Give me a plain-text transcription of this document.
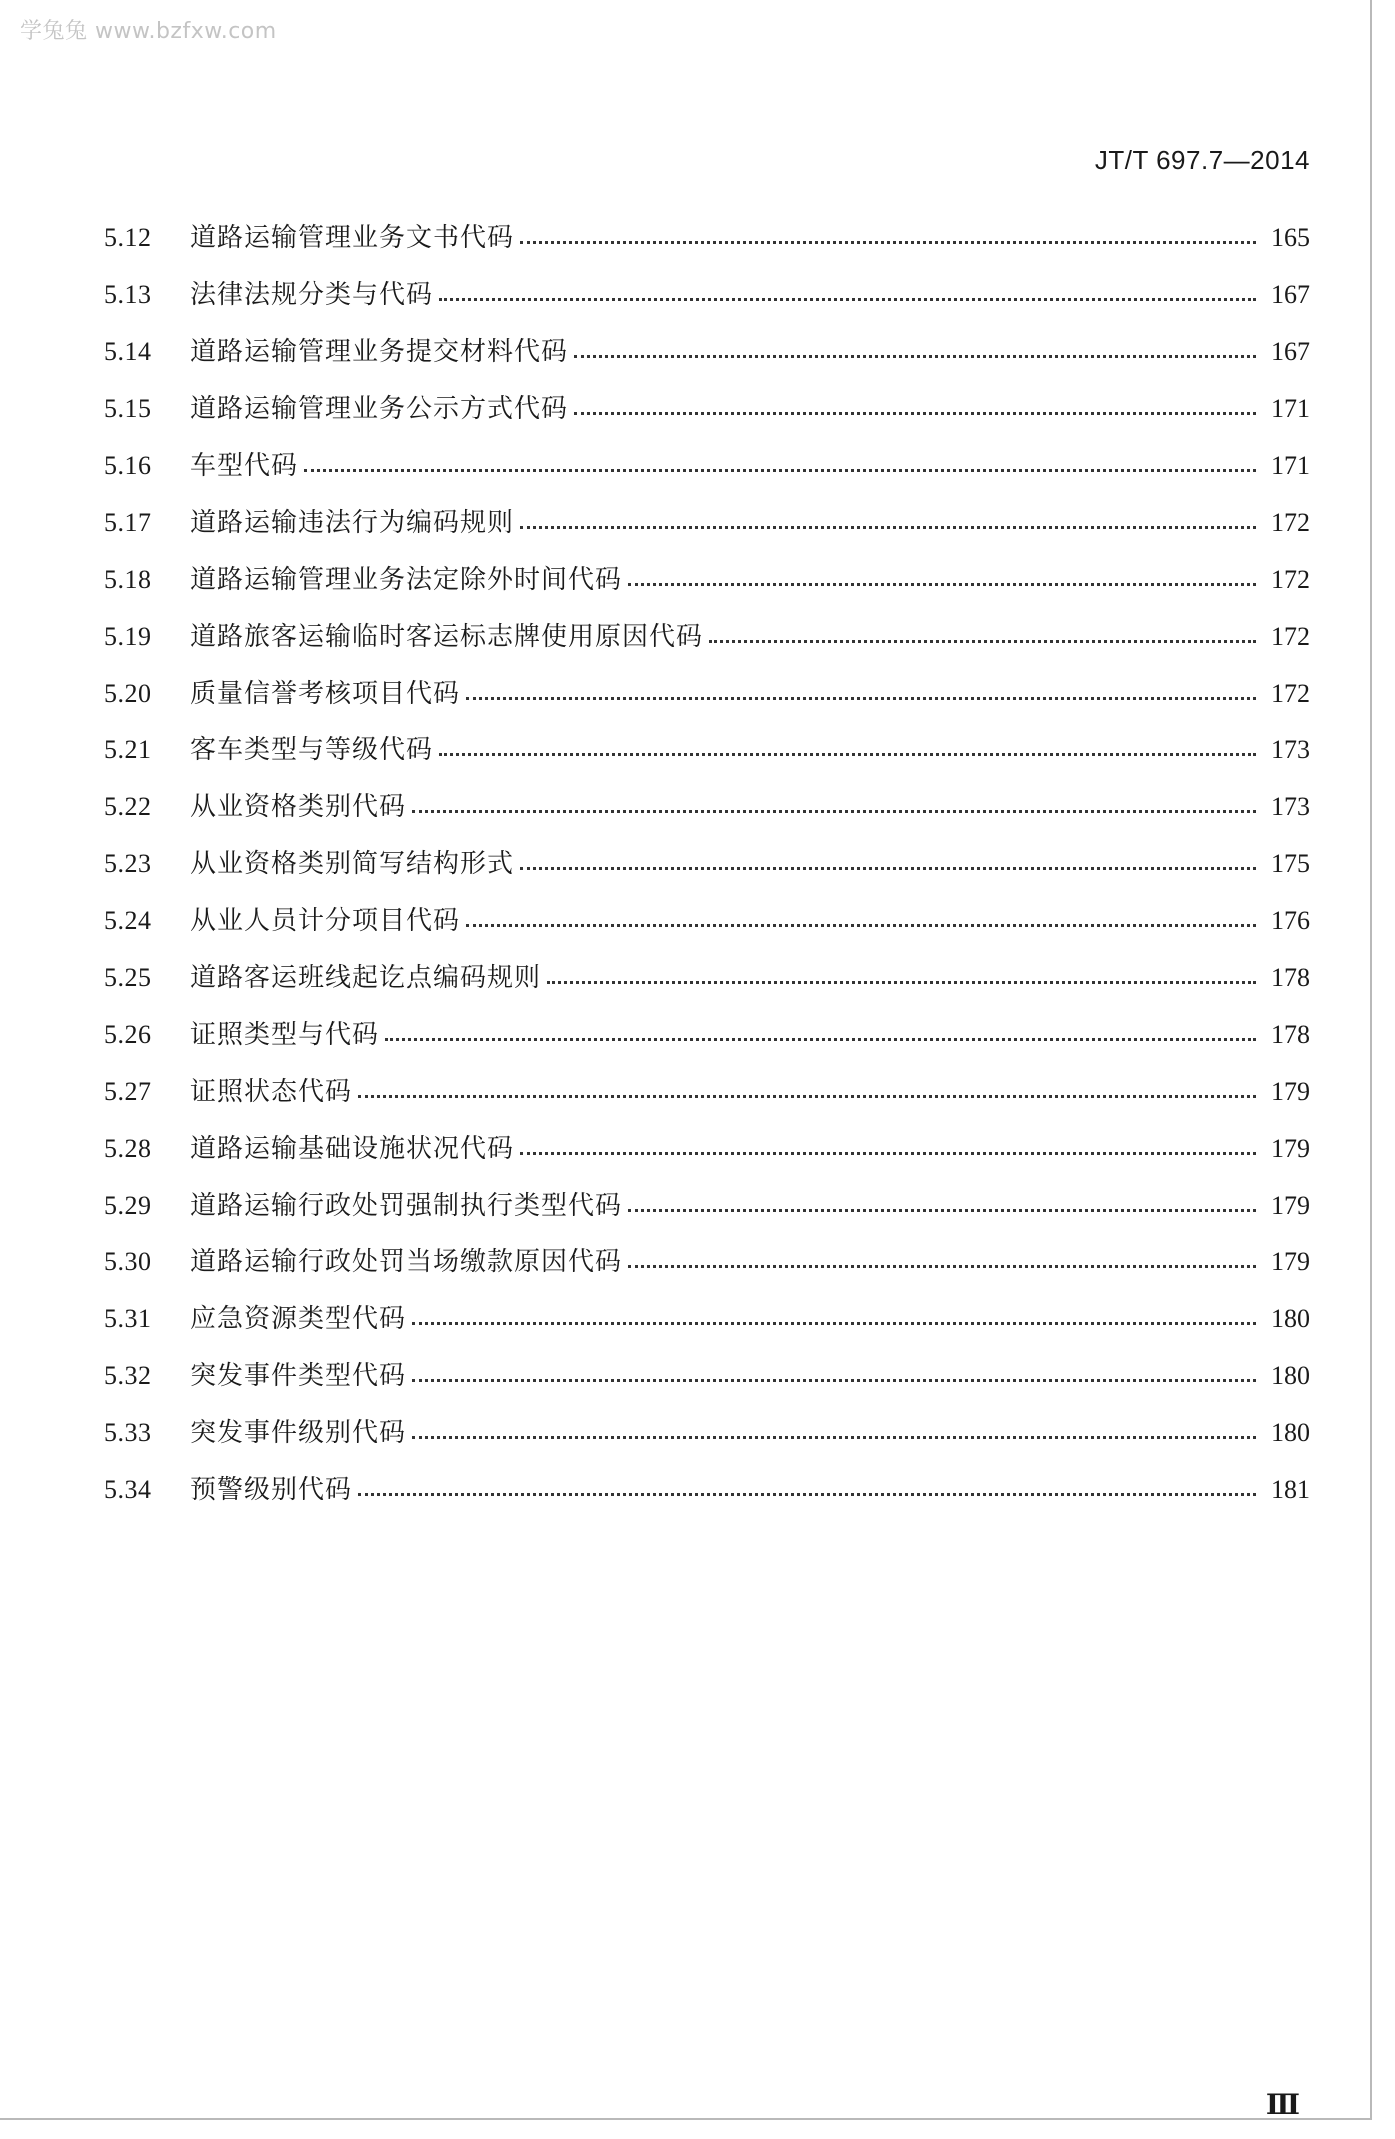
学兔兔 www.bzfxw.com
JT/T 697.7—2014
5.12	道路运输管理业务文书代码	165
5.13	法律法规分类与代码	167
5.14	道路运输管理业务提交材料代码	167
5.15	道路运输管理业务公示方式代码	171
5.16	车型代码	171
5.17	道路运输违法行为编码规则	172
5.18	道路运输管理业务法定除外时间代码	172
5.19	道路旅客运输临时客运标志牌使用原因代码	172
5.20	质量信誉考核项目代码	172
5.21	客车类型与等级代码	173
5.22	从业资格类别代码	173
5.23	从业资格类别简写结构形式	175
5.24	从业人员计分项目代码	176
5.25	道路客运班线起讫点编码规则	178
5.26	证照类型与代码	178
5.27	证照状态代码	179
5.28	道路运输基础设施状况代码	179
5.29	道路运输行政处罚强制执行类型代码	179
5.30	道路运输行政处罚当场缴款原因代码	179
5.31	应急资源类型代码	180
5.32	突发事件类型代码	180
5.33	突发事件级别代码	180
5.34	预警级别代码	181
Ⅲ
